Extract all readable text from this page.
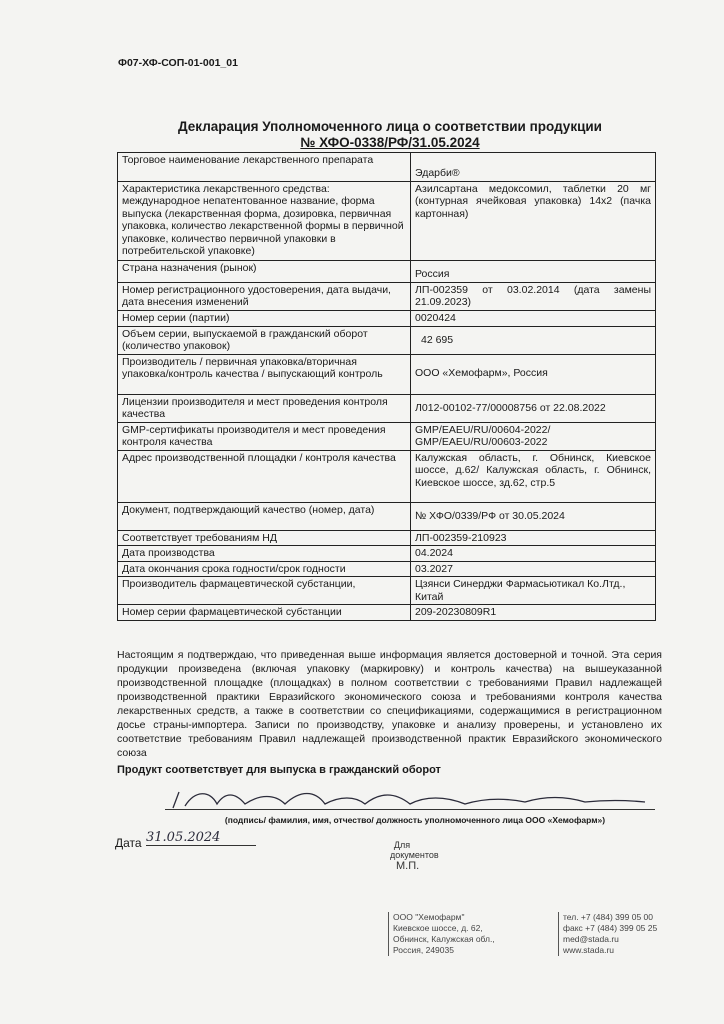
Ф07-ХФ-СОП-01-001_01
Декларация Уполномоченного лица о соответствии продукции
№ ХФО-0338/РФ/31.05.2024
Торговое наименование лекарственного препарата	Эдарби®
Характеристика лекарственного средства: международное непатентованное название, форма выпуска (лекарственная форма, дозировка, первичная упаковка, количество лекарственной формы в первичной упаковке, количество первичной упаковки в потребительской упаковке)	Азилсартана медоксомил, таблетки 20 мг (контурная ячейковая упаковка) 14x2 (пачка картонная)
Страна назначения (рынок)	Россия
Номер регистрационного удостоверения, дата выдачи, дата внесения изменений	ЛП-002359 от 03.02.2014 (дата замены 21.09.2023)
Номер серии (партии)	0020424
Объем серии, выпускаемой в гражданский оборот (количество упаковок)	42 695
Производитель / первичная упаковка/вторичная упаковка/контроль качества / выпускающий контроль	ООО «Хемофарм», Россия
Лицензии производителя и мест проведения контроля качества	Л012-00102-77/00008756 от 22.08.2022
GMP-сертификаты производителя и мест проведения контроля качества	GMP/EAEU/RU/00604-2022/ GMP/EAEU/RU/00603-2022
Адрес производственной площадки / контроля качества	Калужская область, г. Обнинск, Киевское шоссе, д.62/ Калужская область, г. Обнинск, Киевское шоссе, зд.62, стр.5
Документ, подтверждающий качество (номер, дата)	№ ХФО/0339/РФ от 30.05.2024
Соответствует требованиям НД	ЛП-002359-210923
Дата производства	04.2024
Дата окончания срока годности/срок годности	03.2027
Производитель фармацевтической субстанции,	Цзянси Синерджи Фармасьютикал Ко.Лтд., Китай
Номер серии фармацевтической субстанции	209-20230809R1
Настоящим я подтверждаю, что приведенная выше информация является достоверной и точной. Эта серия продукции произведена (включая упаковку (маркировку) и контроль качества) на вышеуказанной производственной площадке (площадках) в полном соответствии с требованиями Правил надлежащей производственной практики Евразийского экономического союза и требованиями контроля качества лекарственных средств, а также в соответствии со спецификациями, содержащимися в регистрационном досье страны-импортера. Записи по производству, упаковке и анализу проверены, и установлено их соответствие требованиям Правил надлежащей производственной практик Евразийского экономического союза
Продукт соответствует для выпуска в гражданский оборот
(подпись/ фамилия, имя, отчество/ должность уполномоченного лица ООО «Хемофарм»)
Дата 31.05.2024	Для документов
М.П.
ООО "Хемофарм"
Киевское шоссе, д. 62,
Обнинск, Калужская обл.,
Россия, 249035
тел. +7 (484) 399 05 00
факс +7 (484) 399 05 25
med@stada.ru
www.stada.ru
